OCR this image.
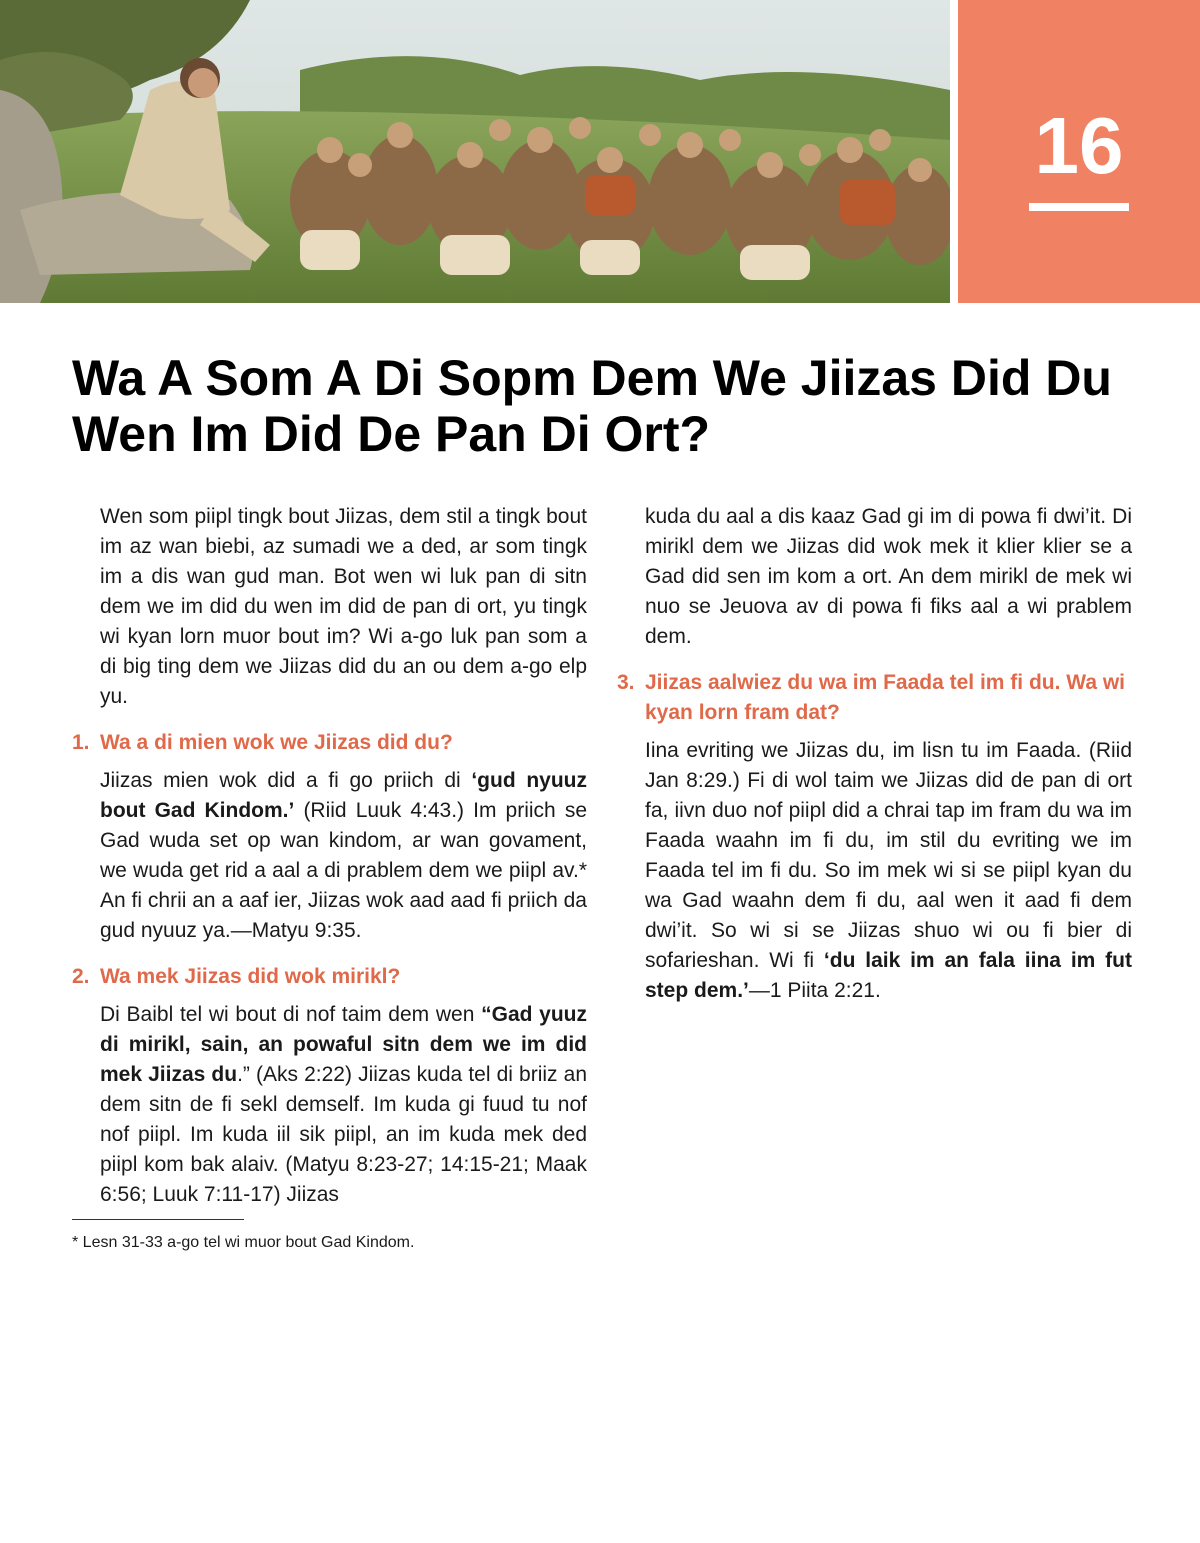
16
Wa A Som A Di Sopm Dem We Jiizas Did Du Wen Im Did De Pan Di Ort?

Wen som piipl tingk bout Jiizas, dem stil a tingk bout im az wan biebi, az sumadi we a ded, ar som tingk im a dis wan gud man. Bot wen wi luk pan di sitn dem we im did du wen im did de pan di ort, yu tingk wi kyan lorn muor bout im? Wi a-go luk pan som a di big ting dem we Jiizas did du an ou dem a-go elp yu.

1. Wa a di mien wok we Jiizas did du?

Jiizas mien wok did a fi go priich di ‘gud nyuuz bout Gad Kindom.’ (Riid Luuk 4:43.) Im priich se Gad wuda set op wan kindom, ar wan govament, we wuda get rid a aal a di prablem dem we piipl av.* An fi chrii an a aaf ier, Jiizas wok aad aad fi priich da gud nyuuz ya.—Matyu 9:35.

2. Wa mek Jiizas did wok mirikl?

Di Baibl tel wi bout di nof taim dem wen “Gad yuuz di mirikl, sain, an powaful sitn dem we im did mek Jiizas du.” (Aks 2:22) Jiizas kuda tel di briiz an dem sitn de fi sekl demself. Im kuda gi fuud tu nof nof piipl. Im kuda iil sik piipl, an im kuda mek ded piipl kom bak alaiv. (Matyu 8:23-27; 14:15-21; Maak 6:56; Luuk 7:11-17) Jiizas

kuda du aal a dis kaaz Gad gi im di powa fi dwi’it. Di mirikl dem we Jiizas did wok mek it klier klier se a Gad did sen im kom a ort. An dem mirikl de mek wi nuo se Jeuova av di powa fi fiks aal a wi prablem dem.

3. Jiizas aalwiez du wa im Faada tel im fi du. Wa wi kyan lorn fram dat?

Iina evriting we Jiizas du, im lisn tu im Faada. (Riid Jan 8:29.) Fi di wol taim we Jiizas did de pan di ort fa, iivn duo nof piipl did a chrai tap im fram du wa im Faada waahn im fi du, im stil du evriting we im Faada tel im fi du. So im mek wi si se piipl kyan du wa Gad waahn dem fi du, aal wen it aad fi dem dwi’it. So wi si se Jiizas shuo wi ou fi bier di sofarieshan. Wi fi ‘du laik im an fala iina im fut step dem.’—1 Piita 2:21.

* Lesn 31-33 a-go tel wi muor bout Gad Kindom.
